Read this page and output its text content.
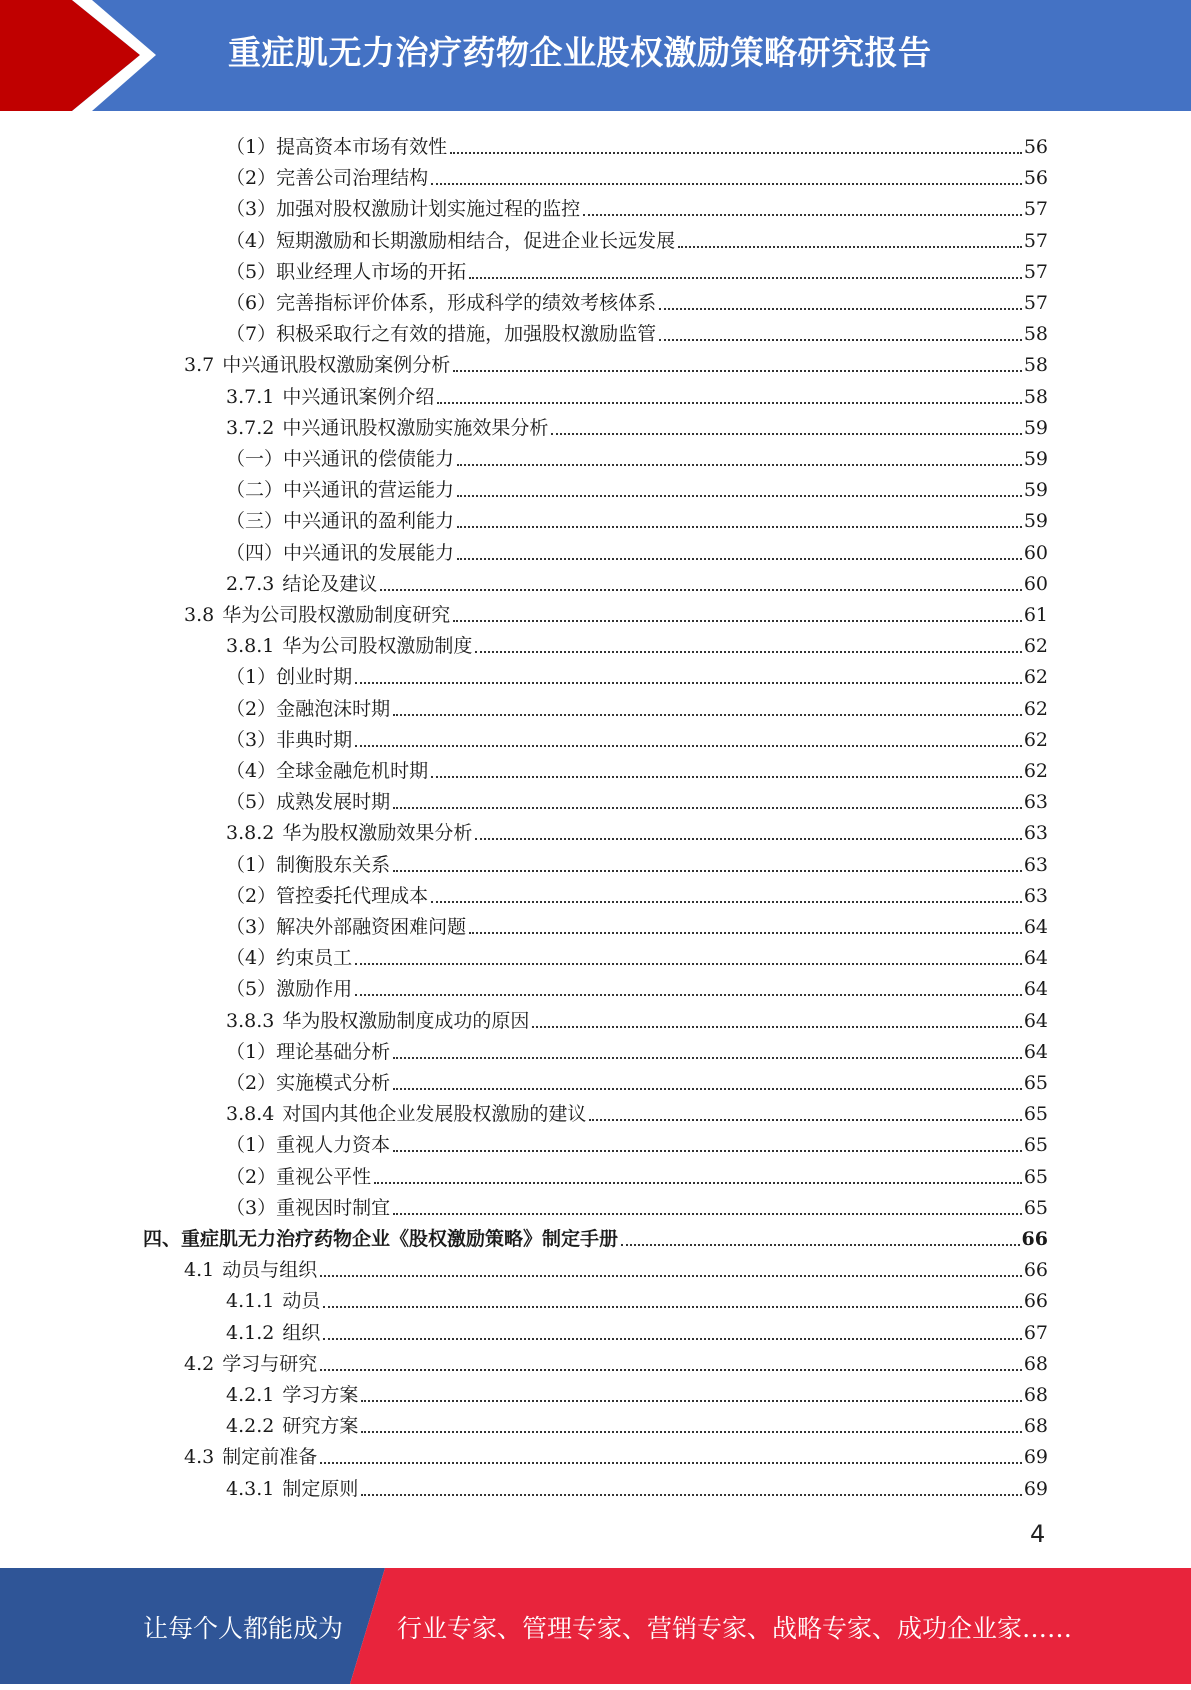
重症肌无力治疗药物企业股权激励策略研究报告
（1） 提高资本市场有效性	56
（2） 完善公司治理结构	56
（3） 加强对股权激励计划实施过程的监控	57
（4） 短期激励和长期激励相结合，促进企业长远发展	57
（5） 职业经理人市场的开拓	57
（6） 完善指标评价体系，形成科学的绩效考核体系	57
（7） 积极采取行之有效的措施，加强股权激励监管	58
3.7 中兴通讯股权激励案例分析	58
3.7.1 中兴通讯案例介绍	58
3.7.2 中兴通讯股权激励实施效果分析	59
（一） 中兴通讯的偿债能力	59
（二） 中兴通讯的营运能力	59
（三） 中兴通讯的盈利能力	59
（四） 中兴通讯的发展能力	60
2.7.3 结论及建议	60
3.8 华为公司股权激励制度研究	61
3.8.1 华为公司股权激励制度	62
（1） 创业时期	62
（2） 金融泡沫时期	62
（3） 非典时期	62
（4） 全球金融危机时期	62
（5） 成熟发展时期	63
3.8.2 华为股权激励效果分析	63
（1） 制衡股东关系	63
（2） 管控委托代理成本	63
（3） 解决外部融资困难问题	64
（4） 约束员工	64
（5） 激励作用	64
3.8.3 华为股权激励制度成功的原因	64
（1） 理论基础分析	64
（2） 实施模式分析	65
3.8.4 对国内其他企业发展股权激励的建议	65
（1） 重视人力资本	65
（2） 重视公平性	65
（3） 重视因时制宜	65
四、 重症肌无力治疗药物企业《股权激励策略》制定手册	66
4.1 动员与组织	66
4.1.1 动员	66
4.1.2 组织	67
4.2 学习与研究	68
4.2.1 学习方案	68
4.2.2 研究方案	68
4.3 制定前准备	69
4.3.1 制定原则	69
4
让每个人都能成为 行业专家、管理专家、营销专家、战略专家、成功企业家……
